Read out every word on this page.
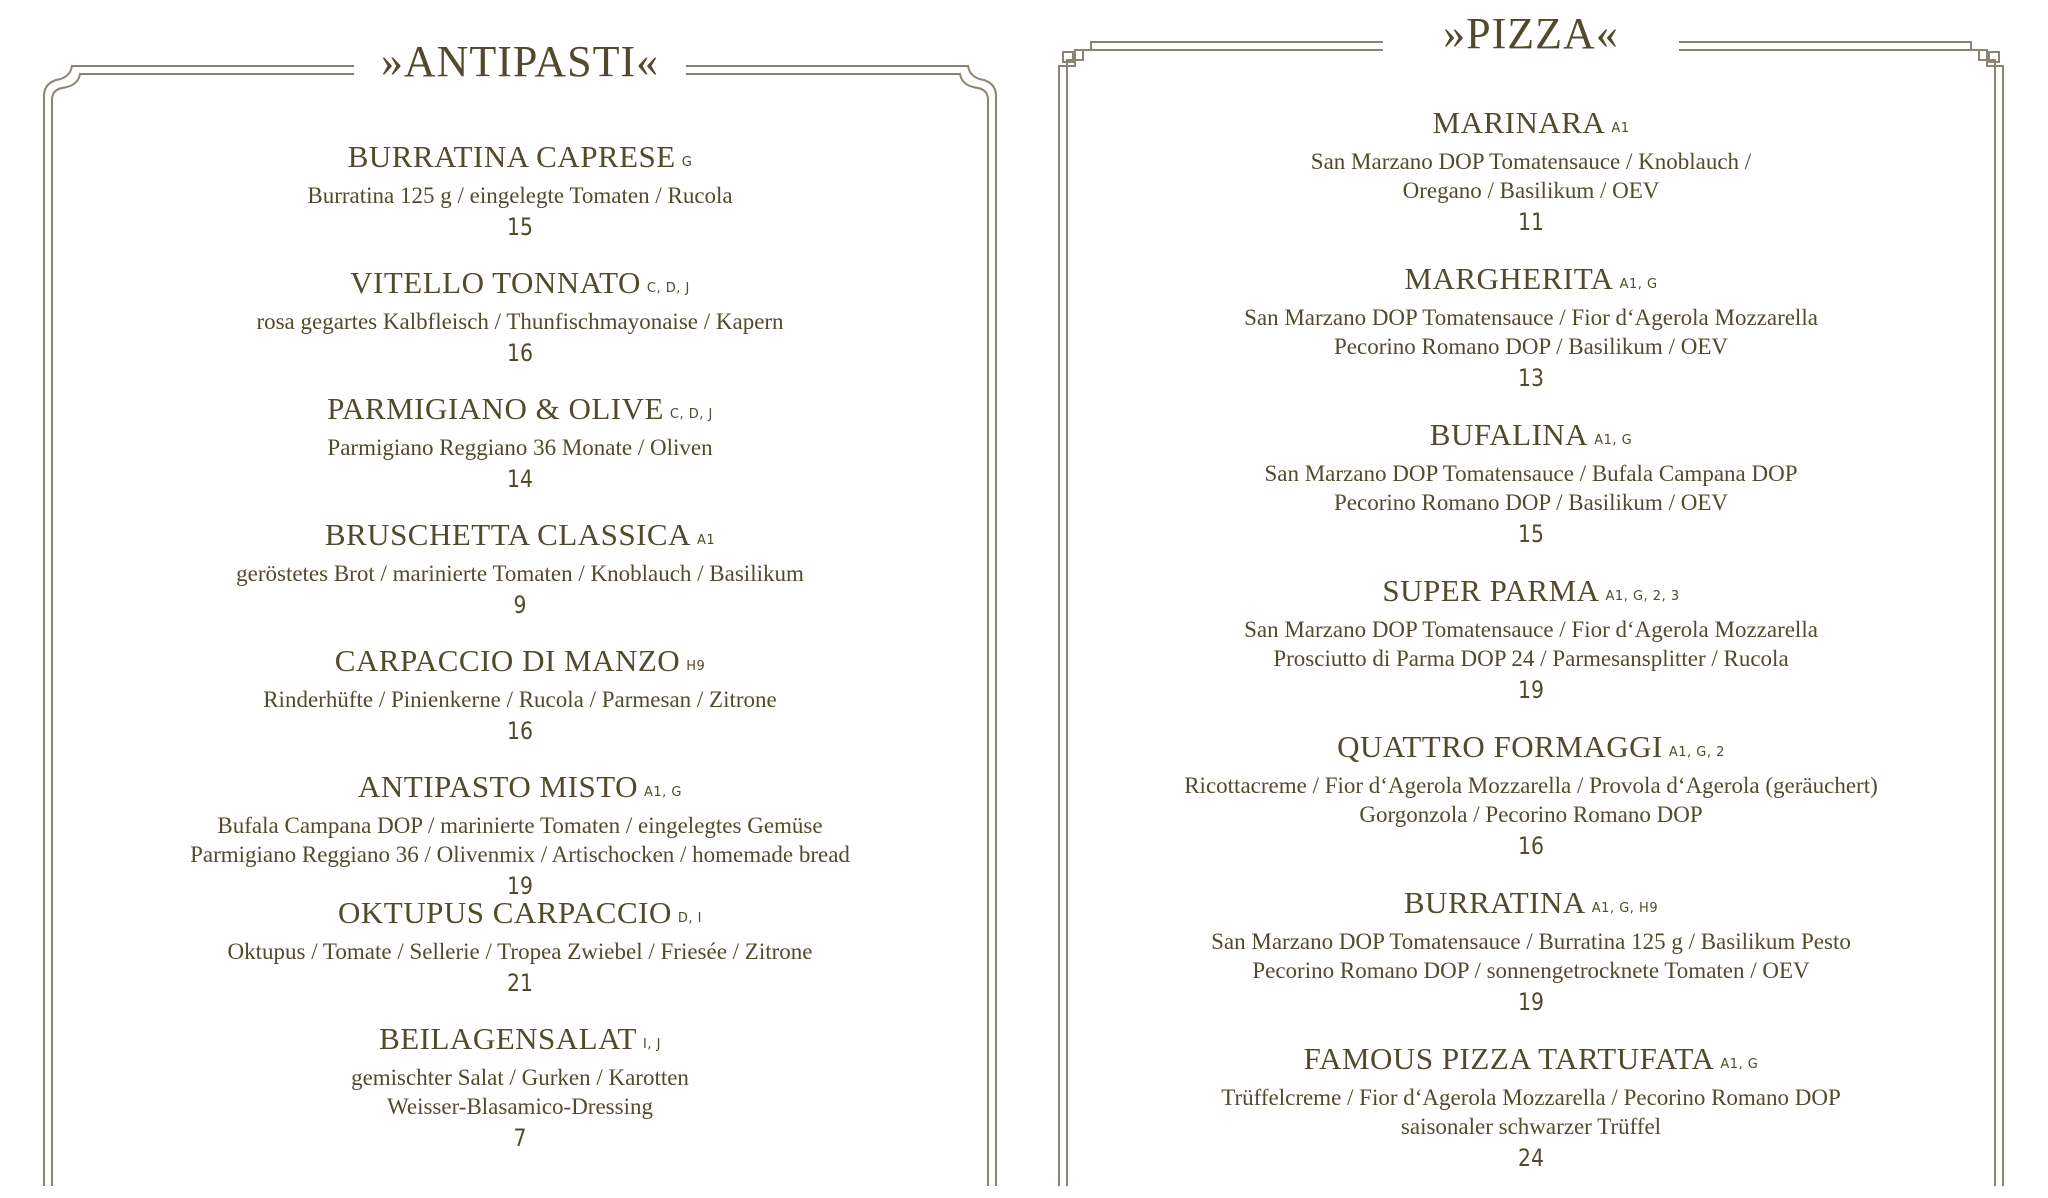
»ANTIPASTI«
BURRATINA CAPRESE G
Burratina 125 g / eingelegte Tomaten / Rucola
15
VITELLO TONNATO C, D, J
rosa gegartes Kalbfleisch / Thunfischmayonaise / Kapern
16
PARMIGIANO & OLIVE C, D, J
Parmigiano Reggiano 36 Monate / Oliven
14
BRUSCHETTA CLASSICA A1
geröstetes Brot / marinierte Tomaten / Knoblauch / Basilikum
9
CARPACCIO DI MANZO H9
Rinderhüfte / Pinienkerne / Rucola / Parmesan / Zitrone
16
ANTIPASTO MISTO A1, G
Bufala Campana DOP / marinierte Tomaten / eingelegtes Gemüse
Parmigiano Reggiano 36 / Olivenmix / Artischocken / homemade bread
19
OKTUPUS CARPACCIO D, I
Oktupus / Tomate / Sellerie / Tropea Zwiebel / Friesée / Zitrone
21
BEILAGENSALAT I, J
gemischter Salat / Gurken / Karotten
Weisser-Blasamico-Dressing
7
»PIZZA«
MARINARA A1
San Marzano DOP Tomatensauce / Knoblauch /
Oregano / Basilikum / OEV
11
MARGHERITA A1, G
San Marzano DOP Tomatensauce / Fior d‘Agerola Mozzarella
Pecorino Romano DOP / Basilikum / OEV
13
BUFALINA A1, G
San Marzano DOP Tomatensauce / Bufala Campana DOP
Pecorino Romano DOP / Basilikum / OEV
15
SUPER PARMA A1, G, 2, 3
San Marzano DOP Tomatensauce / Fior d‘Agerola Mozzarella
Prosciutto di Parma DOP 24 / Parmesansplitter / Rucola
19
QUATTRO FORMAGGI A1, G, 2
Ricottacreme / Fior d‘Agerola Mozzarella / Provola d‘Agerola (geräuchert)
Gorgonzola / Pecorino Romano DOP
16
BURRATINA A1, G, H9
San Marzano DOP Tomatensauce / Burratina 125 g / Basilikum Pesto
Pecorino Romano DOP / sonnengetrocknete Tomaten / OEV
19
FAMOUS PIZZA TARTUFATA A1, G
Trüffelcreme / Fior d‘Agerola Mozzarella / Pecorino Romano DOP
saisonaler schwarzer Trüffel
24
